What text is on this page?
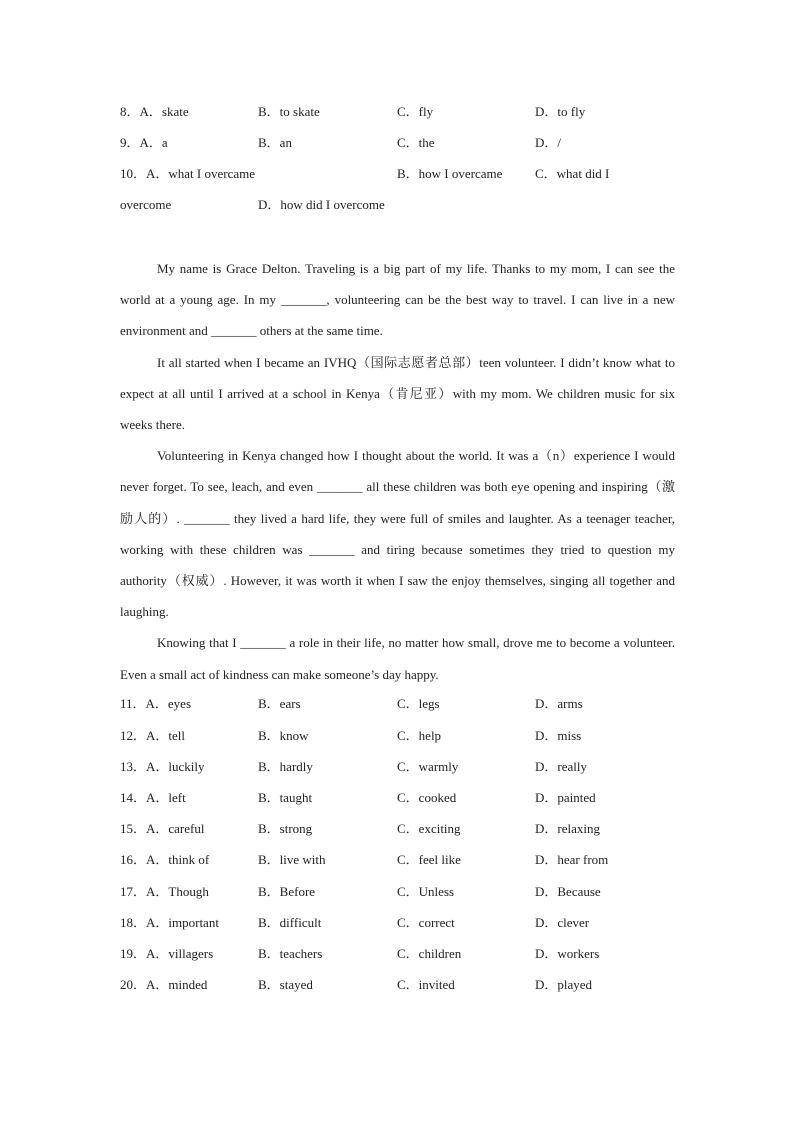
8．A．skate	B．to skate	C．fly	D．to fly
9．A．a	B．an	C．the	D．/
10．A．what I overcame	B．how I overcame	C．what did I
overcome	D．how did I overcome

My name is Grace Delton. Traveling is a big part of my life. Thanks to my mom, I can see the world at a young age. In my _______, volunteering can be the best way to travel. I can live in a new environment and _______ others at the same time.

It all started when I became an IVHQ（国际志愿者总部）teen volunteer. I didn’t know what to expect at all until I arrived at a school in Kenya（肯尼亚）with my mom. We children music for six weeks there.

Volunteering in Kenya changed how I thought about the world. It was a（n）experience I would never forget. To see, leach, and even _______ all these children was both eye opening and inspiring（激励人的）. _______ they lived a hard life, they were full of smiles and laughter. As a teenager teacher, working with these children was _______ and tiring because sometimes they tried to question my authority（权威）. However, it was worth it when I saw the enjoy themselves, singing all together and laughing.

Knowing that I _______ a role in their life, no matter how small, drove me to become a volunteer. Even a small act of kindness can make someone’s day happy.

11．A．eyes	B．ears	C．legs	D．arms
12．A．tell	B．know	C．help	D．miss
13．A．luckily	B．hardly	C．warmly	D．really
14．A．left	B．taught	C．cooked	D．painted
15．A．careful	B．strong	C．exciting	D．relaxing
16．A．think of	B．live with	C．feel like	D．hear from
17．A．Though	B．Before	C．Unless	D．Because
18．A．important	B．difficult	C．correct	D．clever
19．A．villagers	B．teachers	C．children	D．workers
20．A．minded	B．stayed	C．invited	D．played
